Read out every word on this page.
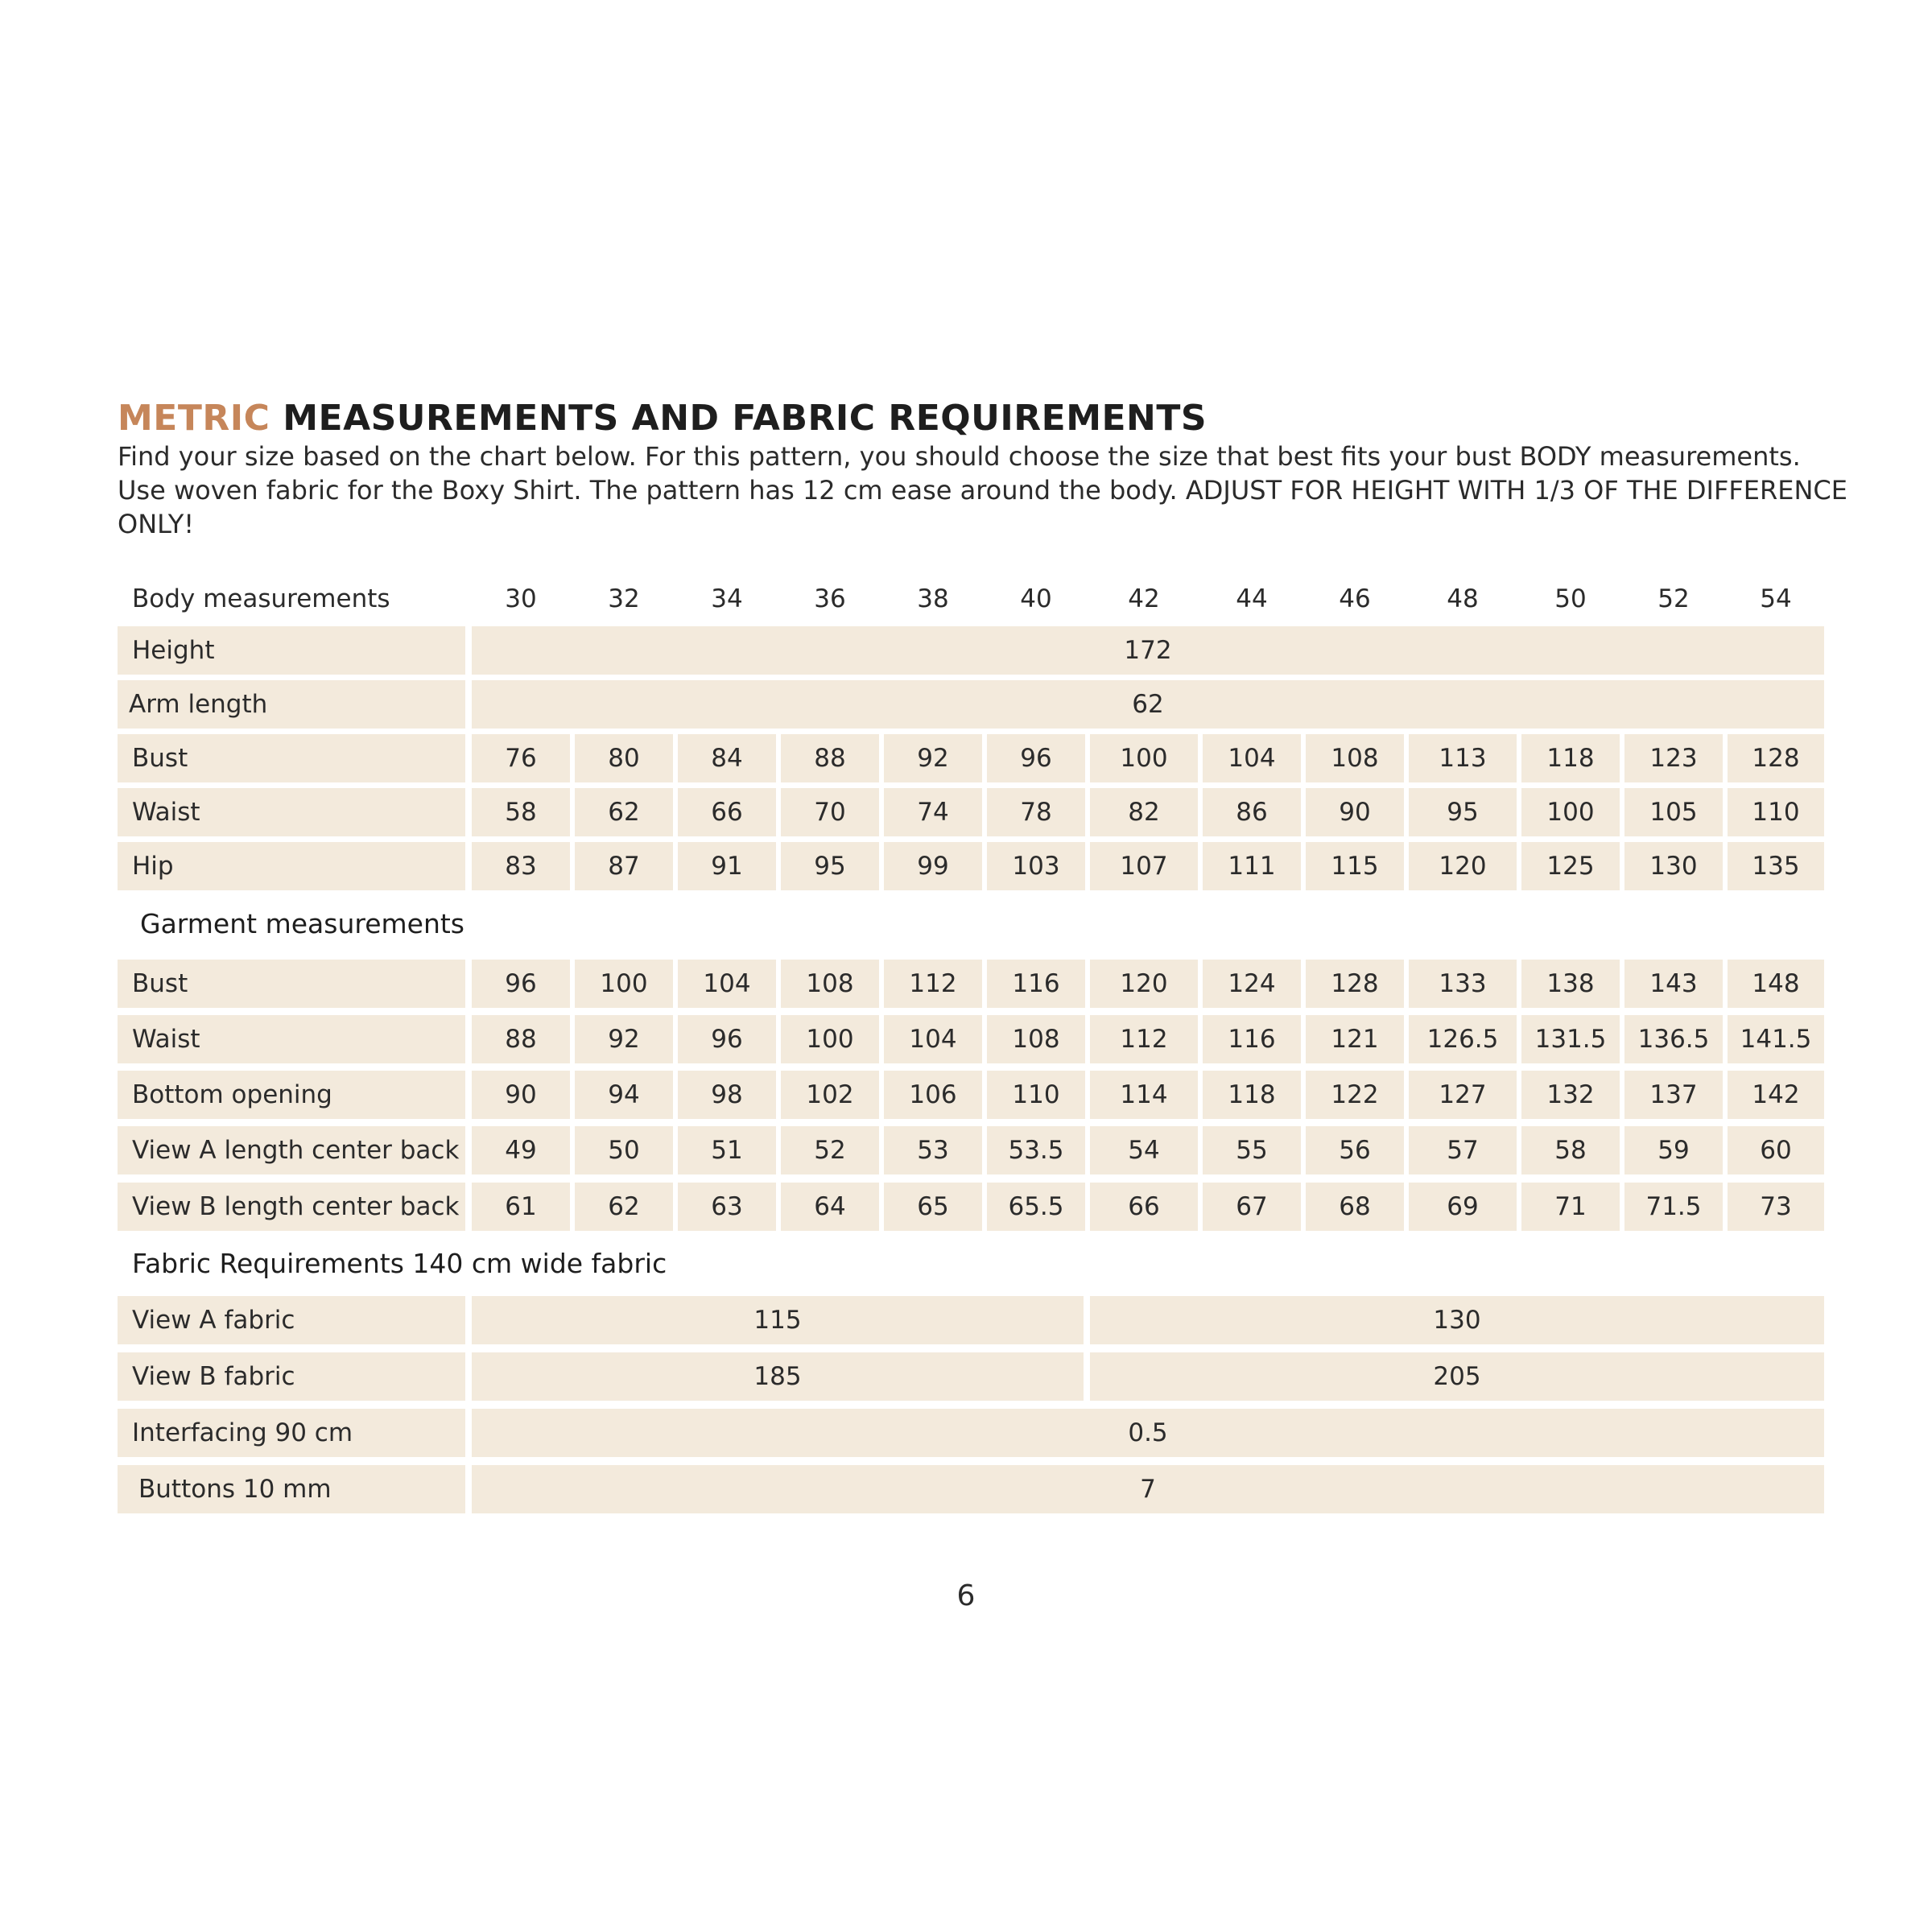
METRIC MEASUREMENTS AND FABRIC REQUIREMENTS

Find your size based on the chart below. For this pattern, you should choose the size that best fits your bust BODY measurements.

Use woven fabric for the Boxy Shirt. The pattern has 12 cm ease around the body. ADJUST FOR HEIGHT WITH 1/3 OF THE DIFFERENCE

ONLY!

Body measurements	30	32	34	36	38	40	42	44	46	48	50	52	54
Height	172
Arm length	62
Bust	76	80	84	88	92	96	100	104	108	113	118	123	128
Waist	58	62	66	70	74	78	82	86	90	95	100	105	110
Hip	83	87	91	95	99	103	107	111	115	120	125	130	135
Garment measurements
Bust	96	100	104	108	112	116	120	124	128	133	138	143	148
Waist	88	92	96	100	104	108	112	116	121	126.5	131.5	136.5	141.5
Bottom opening	90	94	98	102	106	110	114	118	122	127	132	137	142
View A length center back	49	50	51	52	53	53.5	54	55	56	57	58	59	60
View B length center back	61	62	63	64	65	65.5	66	67	68	69	71	71.5	73
Fabric Requirements 140 cm wide fabric
View A fabric	115	130
View B fabric	185	205
Interfacing 90 cm	0.5
Buttons 10 mm	7
6
